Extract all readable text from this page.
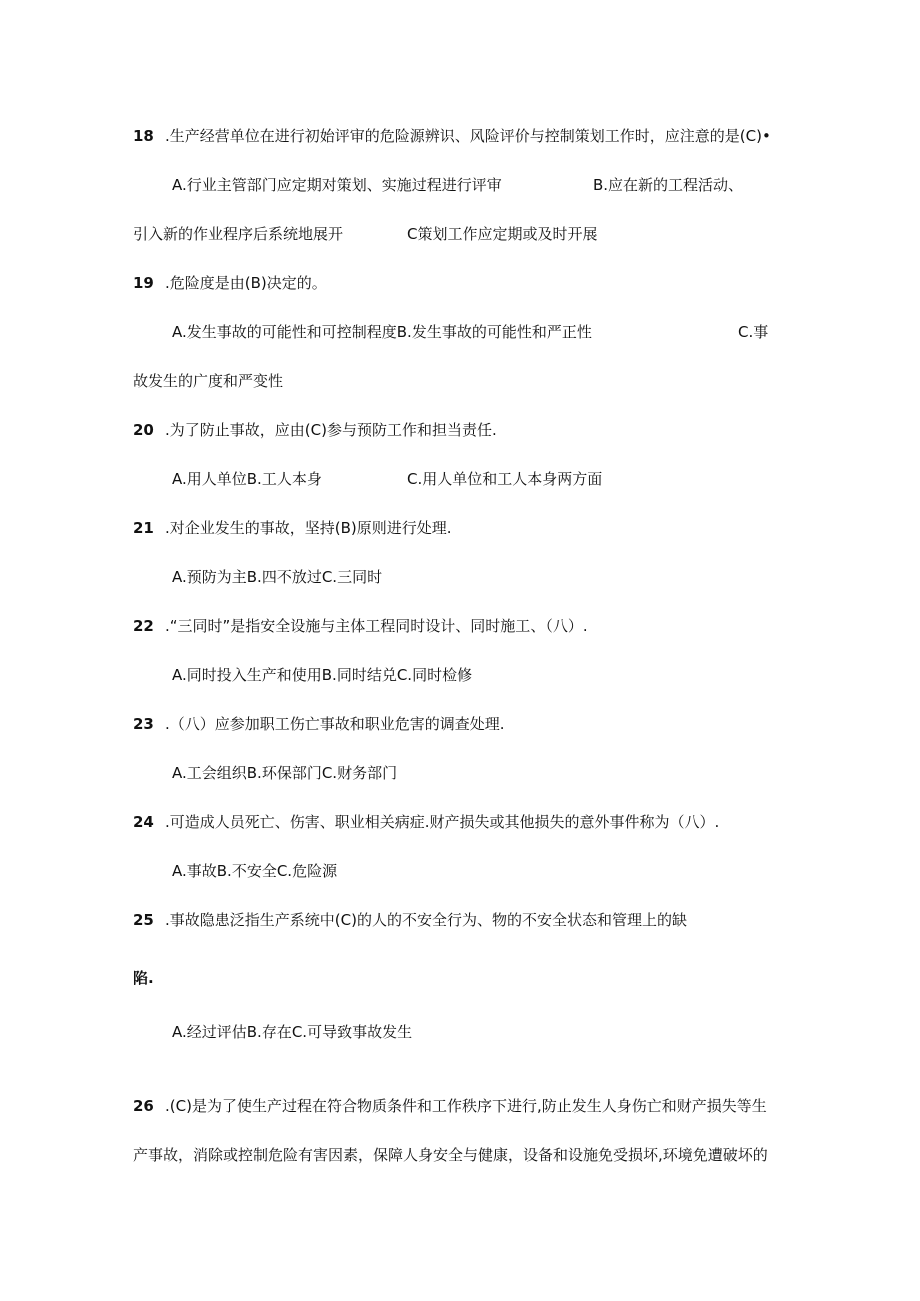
18 .生产经营单位在进行初始评审的危险源辨识、风险评价与控制策划工作时，应注意的是(C)•
A.行业主管部门应定期对策划、实施过程进行评审	B.应在新的工程活动、
引入新的作业程序后系统地展开	C策划工作应定期或及时开展
19 .危险度是由(B)决定的。
A.发生事故的可能性和可控制程度B.发生事故的可能性和严正性	C.事
故发生的广度和严变性
20 .为了防止事故，应由(C)参与预防工作和担当责任.
A.用人单位B.工人本身	C.用人单位和工人本身两方面
21 .对企业发生的事故，坚持(B)原则进行处理.
A.预防为主B.四不放过C.三同时
22 .“三同时”是指安全设施与主体工程同时设计、同时施工、（八）.
A.同时投入生产和使用B.同时结兑C.同时检修
23 .（八）应参加职工伤亡事故和职业危害的调查处理.
A.工会组织B.环保部门C.财务部门
24 .可造成人员死亡、伤害、职业相关病症.财产损失或其他损失的意外事件称为（八）.
A.事故B.不安全C.危险源
25 .事故隐患泛指生产系统中(C)的人的不安全行为、物的不安全状态和管理上的缺
陷.
A.经过评估B.存在C.可导致事故发生
26 .(C)是为了使生产过程在符合物质条件和工作秩序下进行,防止发生人身伤亡和财产损失等生
产事故，消除或控制危险有害因素，保障人身安全与健康，设备和设施免受损坏,环境免遭破坏的
